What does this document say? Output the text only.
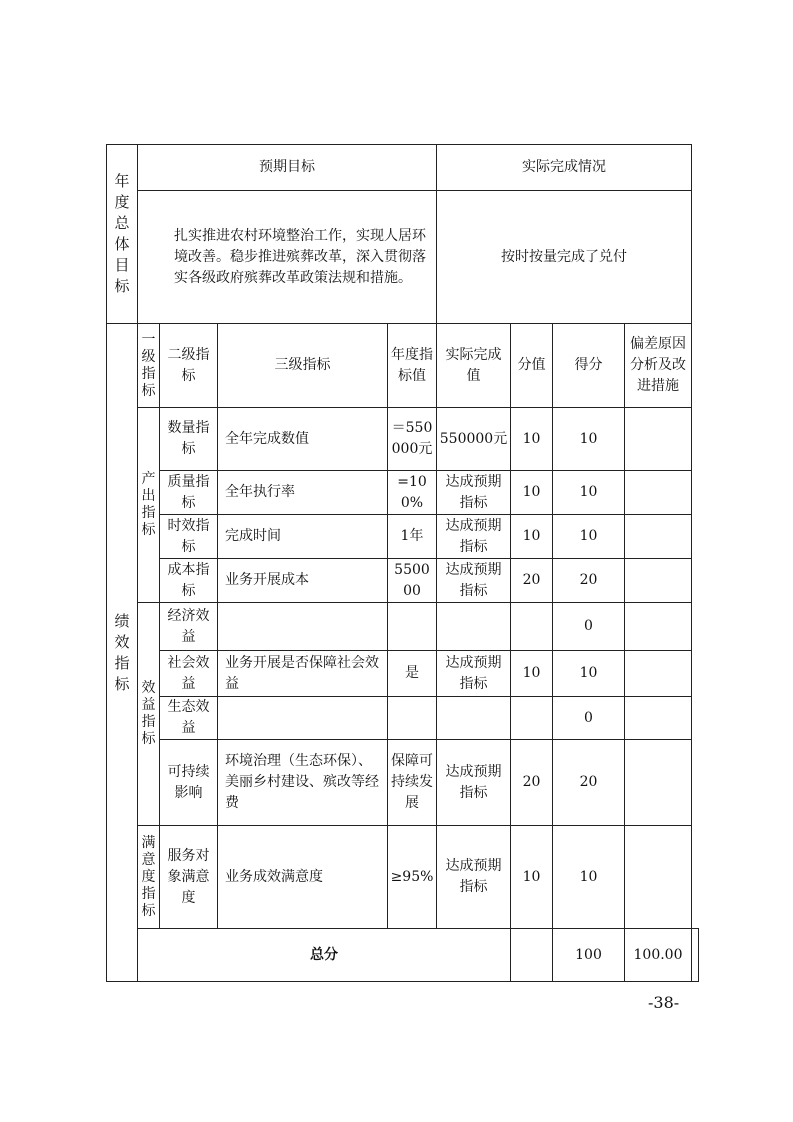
年度总体目标	预期目标				实际完成情况				
	扎实推进农村环境整治工作，实现人居环境改善。稳步推进殡葬改革，深入贯彻落实各级政府殡葬改革政策法规和措施。				按时按量完成了兑付				

绩效指标	一级指标	二级指标	三级指标	年度指标值	实际完成值	分值	得分	偏差原因分析及改进措施	

	产出指标	数量指标	全年完成数值	＝550000元	550000元	10	10		
		质量指标	全年执行率	=100%	达成预期指标	10	10		
		时效指标	完成时间	1年	达成预期指标	10	10		
		成本指标	业务开展成本	550000	达成预期指标	20	20		

	效益指标	经济效益					0		
		社会效益	业务开展是否保障社会效益	是	达成预期指标	10	10		
		生态效益					0		
		可持续影响	环境治理（生态环保）、美丽乡村建设、殡改等经费	保障可持续发展	达成预期指标	20	20		

	满意度指标	服务对象满意度	业务成效满意度	≥95%	达成预期指标	10	10		
	总分						100	100.00	
-38-
